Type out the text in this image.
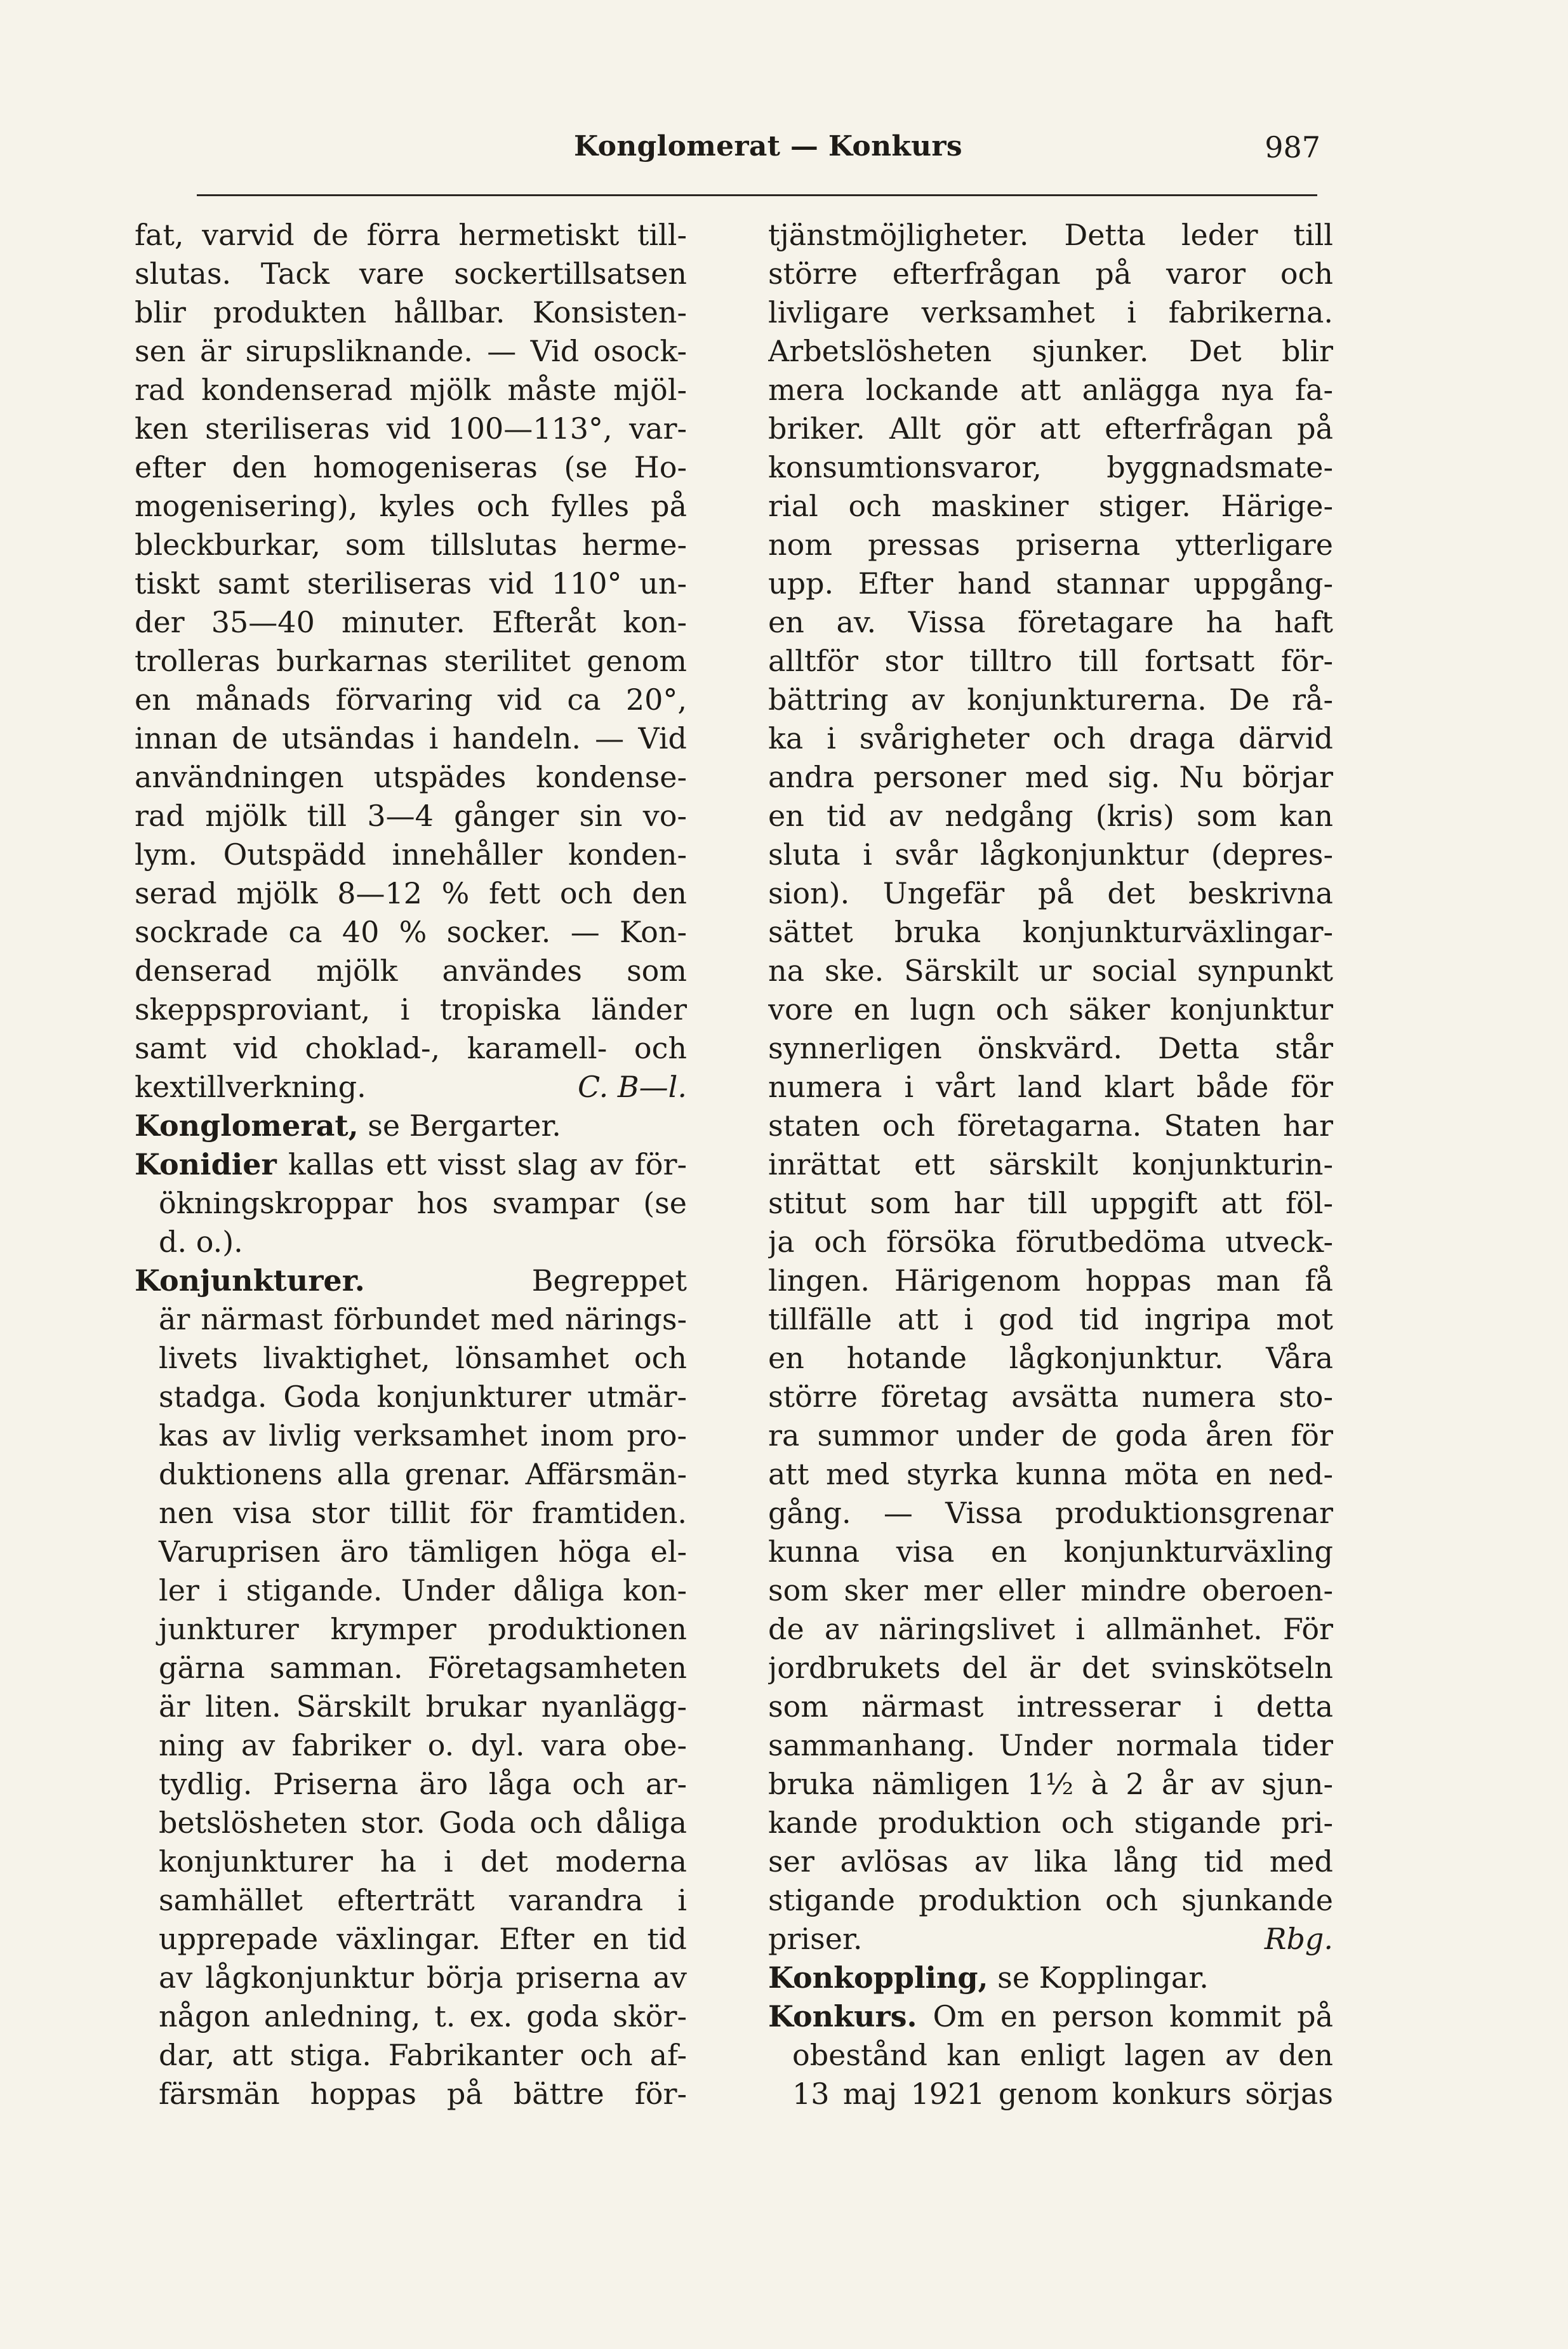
Konglomerat — Konkurs	987
fat, varvid de förra hermetiskt till-
slutas. Tack vare sockertillsatsen
blir produkten hållbar. Konsisten-
sen är sirupsliknande. — Vid osock-
rad kondenserad mjölk måste mjöl-
ken steriliseras vid 100—113°, var-
efter den homogeniseras (se Ho-
mogenisering), kyles och fylles på
bleckburkar, som tillslutas herme-
tiskt samt steriliseras vid 110° un-
der 35—40 minuter. Efteråt kon-
trolleras burkarnas sterilitet genom
en månads förvaring vid ca 20°,
innan de utsändas i handeln. — Vid
användningen utspädes kondense-
rad mjölk till 3—4 gånger sin vo-
lym. Outspädd innehåller konden-
serad mjölk 8—12 % fett och den
sockrade ca 40 % socker. — Kon-
denserad mjölk användes som
skeppsproviant, i tropiska länder
samt vid choklad-, karamell- och
kextillverkning.	C. B—l.
Konglomerat, se Bergarter.
Konidier kallas ett visst slag av för-
ökningskroppar hos svampar (se
d. o.).
Konjunkturer.	Begreppet
är närmast förbundet med närings-
livets livaktighet, lönsamhet och
stadga. Goda konjunkturer utmär-
kas av livlig verksamhet inom pro-
duktionens alla grenar. Affärsmän-
nen visa stor tillit för framtiden.
Varuprisen äro tämligen höga el-
ler i stigande. Under dåliga kon-
junkturer krymper produktionen
gärna samman. Företagsamheten
är liten. Särskilt brukar nyanlägg-
ning av fabriker o. dyl. vara obe-
tydlig. Priserna äro låga och ar-
betslösheten stor. Goda och dåliga
konjunkturer ha i det moderna
samhället efterträtt varandra i
upprepade växlingar. Efter en tid
av lågkonjunktur börja priserna av
någon anledning, t. ex. goda skör-
dar, att stiga. Fabrikanter och af-
färsmän hoppas på bättre för-
tjänstmöjligheter. Detta leder till
större efterfrågan på varor och
livligare verksamhet i fabrikerna.
Arbetslösheten sjunker. Det blir
mera lockande att anlägga nya fa-
briker. Allt gör att efterfrågan på
konsumtionsvaror, byggnadsmate-
rial och maskiner stiger. Härige-
nom pressas priserna ytterligare
upp. Efter hand stannar uppgång-
en av. Vissa företagare ha haft
alltför stor tilltro till fortsatt för-
bättring av konjunkturerna. De rå-
ka i svårigheter och draga därvid
andra personer med sig. Nu börjar
en tid av nedgång (kris) som kan
sluta i svår lågkonjunktur (depres-
sion). Ungefär på det beskrivna
sättet bruka konjunkturväxlingar-
na ske. Särskilt ur social synpunkt
vore en lugn och säker konjunktur
synnerligen önskvärd. Detta står
numera i vårt land klart både för
staten och företagarna. Staten har
inrättat ett särskilt konjunkturin-
stitut som har till uppgift att föl-
ja och försöka förutbedöma utveck-
lingen. Härigenom hoppas man få
tillfälle att i god tid ingripa mot
en hotande lågkonjunktur. Våra
större företag avsätta numera sto-
ra summor under de goda åren för
att med styrka kunna möta en ned-
gång. — Vissa produktionsgrenar
kunna visa en konjunkturväxling
som sker mer eller mindre oberoen-
de av näringslivet i allmänhet. För
jordbrukets del är det svinskötseln
som närmast intresserar i detta
sammanhang. Under normala tider
bruka nämligen 1½ à 2 år av sjun-
kande produktion och stigande pri-
ser avlösas av lika lång tid med
stigande produktion och sjunkande
priser.	Rbg.
Konkoppling, se Kopplingar.
Konkurs. Om en person kommit på
obestånd kan enligt lagen av den
13 maj 1921 genom konkurs sörjas
